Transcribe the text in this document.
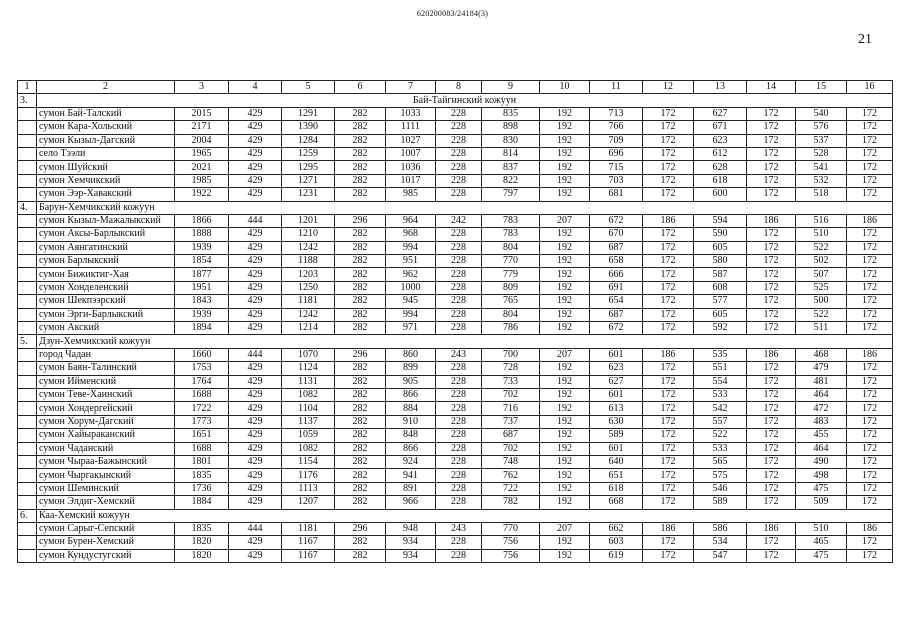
620200083/24184(3)
21
1	2	3	4	5	6	7	8	9	10	11	12	13	14	15	16
3.	Бай-Тайгинский кожуун														
	сумон Бай-Талский	2015	429	1291	282	1033	228	835	192	713	172	627	172	540	172
	сумон Кара-Хольский	2171	429	1390	282	1111	228	898	192	766	172	671	172	576	172
	сумон Кызыл-Дагский	2004	429	1284	282	1027	228	830	192	709	172	623	172	537	172
	село Тээли	1965	429	1259	282	1007	228	814	192	696	172	612	172	528	172
	сумон Шуйский	2021	429	1295	282	1036	228	837	192	715	172	628	172	541	172
	сумон Хемчикский	1985	429	1271	282	1017	228	822	192	703	172	618	172	532	172
	сумон Ээр-Хавакский	1922	429	1231	282	985	228	797	192	681	172	600	172	518	172
4.	Барун-Хемчикский кожуун														
	сумон Кызыл-Мажалыкский	1866	444	1201	296	964	242	783	207	672	186	594	186	516	186
	сумон Аксы-Барлыкский	1888	429	1210	282	968	228	783	192	670	172	590	172	510	172
	сумон Аянгатинский	1939	429	1242	282	994	228	804	192	687	172	605	172	522	172
	сумон Барлыкский	1854	429	1188	282	951	228	770	192	658	172	580	172	502	172
	сумон Бижиктиг-Хая	1877	429	1203	282	962	228	779	192	666	172	587	172	507	172
	сумон Хонделенский	1951	429	1250	282	1000	228	809	192	691	172	608	172	525	172
	сумон Шекпээрский	1843	429	1181	282	945	228	765	192	654	172	577	172	500	172
	сумон Эрги-Барлыкский	1939	429	1242	282	994	228	804	192	687	172	605	172	522	172
	сумон Акский	1894	429	1214	282	971	228	786	192	672	172	592	172	511	172
5.	Дзун-Хемчикский кожуун														
	город Чадан	1660	444	1070	296	860	243	700	207	601	186	535	186	468	186
	сумон Баян-Талинский	1753	429	1124	282	899	228	728	192	623	172	551	172	479	172
	сумон Ийменский	1764	429	1131	282	905	228	733	192	627	172	554	172	481	172
	сумон Теве-Хаинский	1688	429	1082	282	866	228	702	192	601	172	533	172	464	172
	сумон Хондергейский	1722	429	1104	282	884	228	716	192	613	172	542	172	472	172
	сумон Хорум-Дагский	1773	429	1137	282	910	228	737	192	630	172	557	172	483	172
	сумон Хайыраканский	1651	429	1059	282	848	228	687	192	589	172	522	172	455	172
	сумон Чаданский	1688	429	1082	282	866	228	702	192	601	172	533	172	464	172
	сумон Чыраа-Бажынский	1801	429	1154	282	924	228	748	192	640	172	565	172	490	172
	сумон Чыргакынский	1835	429	1176	282	941	228	762	192	651	172	575	172	498	172
	сумон Шеминский	1736	429	1113	282	891	228	722	192	618	172	546	172	475	172
	сумон Элдиг-Хемский	1884	429	1207	282	966	228	782	192	668	172	589	172	509	172
6.	Каа-Хемский кожуун														
	сумон Сарыг-Сепский	1835	444	1181	296	948	243	770	207	662	186	586	186	510	186
	сумон Бурен-Хемский	1820	429	1167	282	934	228	756	192	603	172	534	172	465	172
	сумон Кундустугский	1820	429	1167	282	934	228	756	192	619	172	547	172	475	172
